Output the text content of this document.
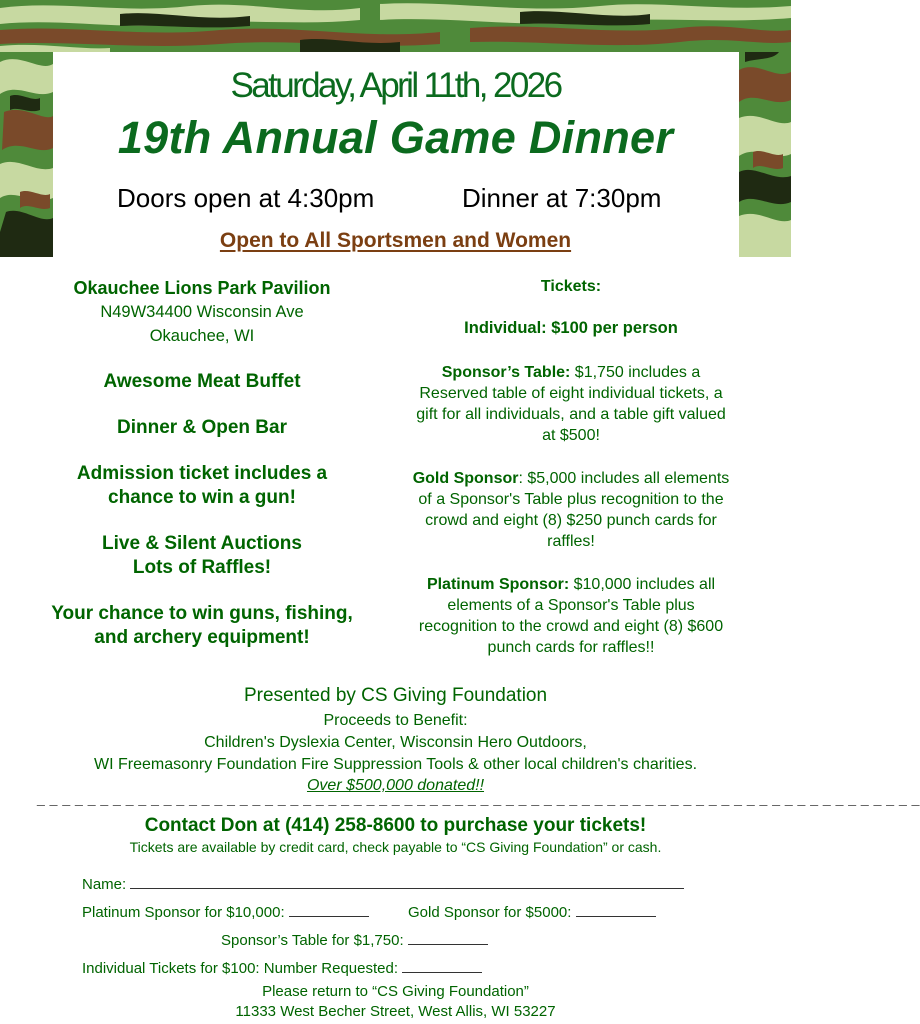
Saturday, April 11th, 2026
19th Annual Game Dinner
Doors open at 4:30pm	Dinner at 7:30pm
Open to All Sportsmen and Women
Okauchee Lions Park Pavilion
N49W34400 Wisconsin Ave
Okauchee, WI
Awesome Meat Buffet
Dinner & Open Bar
Admission ticket includes a
chance to win a gun!
Live & Silent Auctions
Lots of Raffles!
Your chance to win guns, fishing,
and archery equipment!
Tickets:
Individual: $100 per person
Sponsor’s Table: $1,750 includes a
Reserved table of eight individual tickets, a
gift for all individuals, and a table gift valued
at $500!
Gold Sponsor: $5,000 includes all elements
of a Sponsor's Table plus recognition to the
crowd and eight (8) $250 punch cards for
raffles!
Platinum Sponsor: $10,000 includes all
elements of a Sponsor's Table plus
recognition to the crowd and eight (8) $600
punch cards for raffles!!
Presented by CS Giving Foundation
Proceeds to Benefit:
Children's Dyslexia Center, Wisconsin Hero Outdoors,
WI Freemasonry Foundation Fire Suppression Tools & other local children's charities.
Over $500,000 donated!!
_ _ _ _ _ _ _ _ _ _ _ _ _ _ _ _ _ _ _ _ _ _ _ _ _ _ _ _ _ _ _ _ _ _ _ _ _ _ _ _ _ _ _ _ _ _ _ _ _ _ _ _ _ _ _ _ _ _ _ _ _ _ _ _ _ _ _ _ _ _
Contact Don at (414) 258-8600 to purchase your tickets!
Tickets are available by credit card, check payable to “CS Giving Foundation” or cash.
Name:
Platinum Sponsor for $10,000:	Gold Sponsor for $5000:
Sponsor’s Table for $1,750:
Individual Tickets for $100: Number Requested:
Please return to “CS Giving Foundation”
11333 West Becher Street, West Allis, WI 53227
